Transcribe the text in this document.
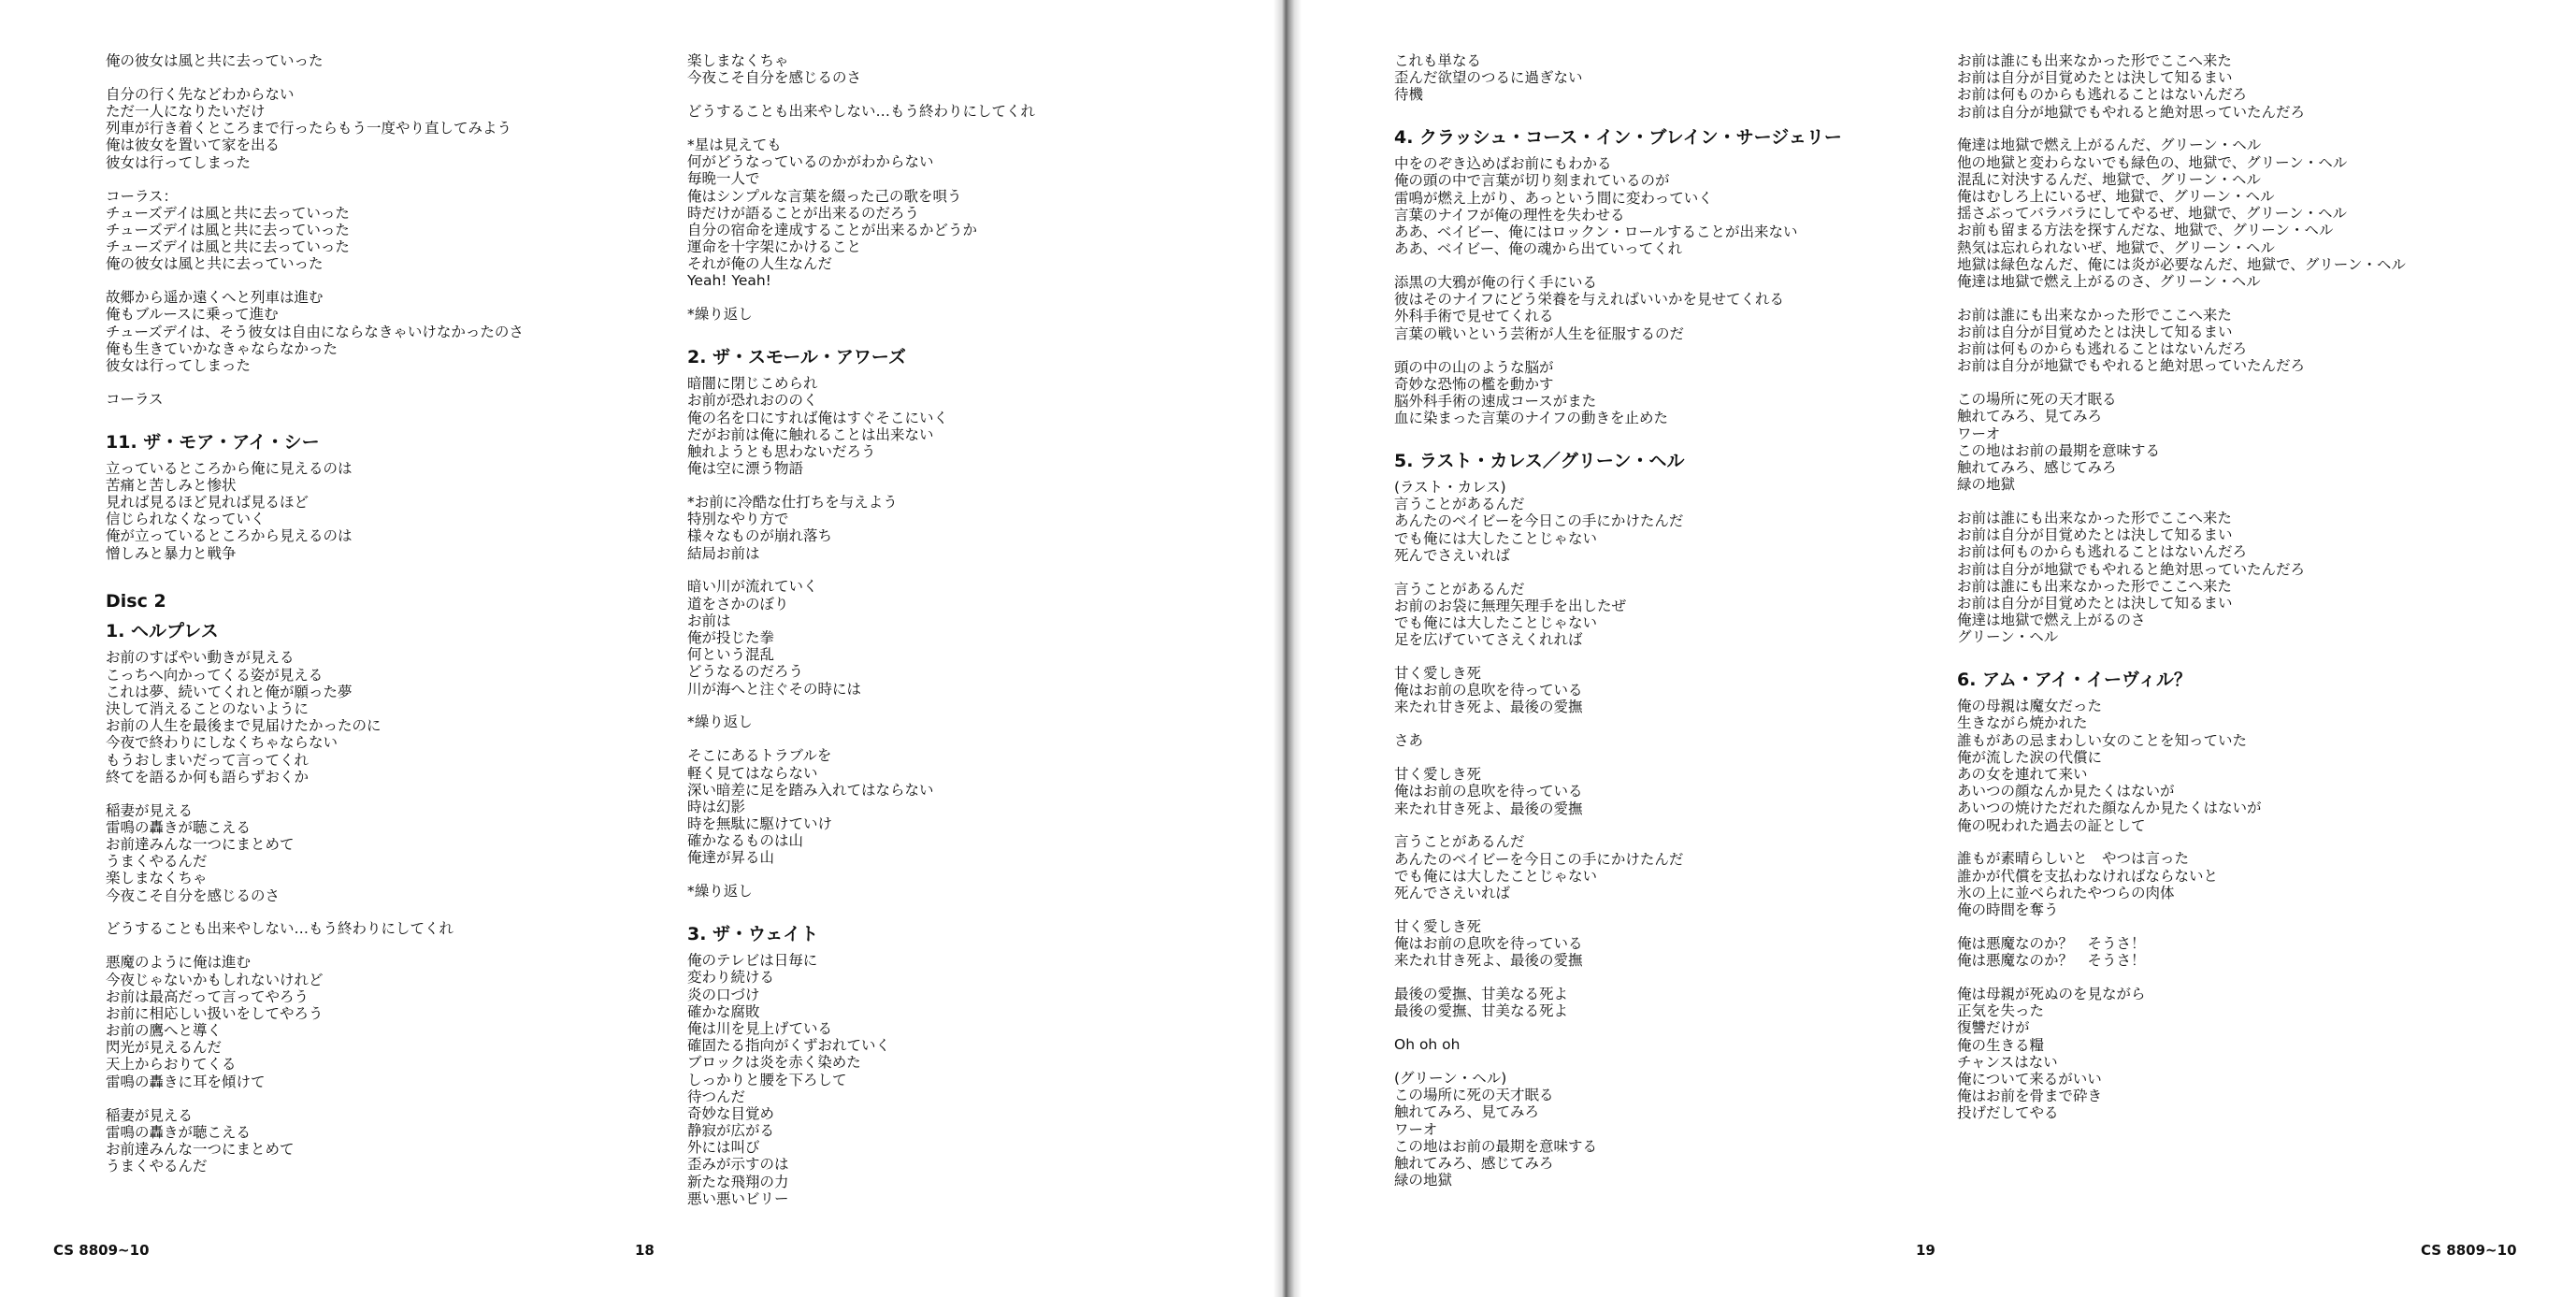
俺の彼女は風と共に去っていった
自分の行く先などわからない
ただ一人になりたいだけ
列車が行き着くところまで行ったらもう一度やり直してみよう
俺は彼女を置いて家を出る
彼女は行ってしまった
コーラス：
チューズデイは風と共に去っていった
チューズデイは風と共に去っていった
チューズデイは風と共に去っていった
俺の彼女は風と共に去っていった
故郷から遥か遠くへと列車は進む
俺もブルースに乗って進む
チューズデイは、そう彼女は自由にならなきゃいけなかったのさ
俺も生きていかなきゃならなかった
彼女は行ってしまった
コーラス
11. ザ・モア・アイ・シー
立っているところから俺に見えるのは
苦痛と苦しみと惨状
見れば見るほど見れば見るほど
信じられなくなっていく
俺が立っているところから見えるのは
憎しみと暴力と戦争
Disc 2
1. ヘルプレス
お前のすばやい動きが見える
こっちへ向かってくる姿が見える
これは夢、続いてくれと俺が願った夢
決して消えることのないように
お前の人生を最後まで見届けたかったのに
今夜で終わりにしなくちゃならない
もうおしまいだって言ってくれ
終てを語るか何も語らずおくか
稲妻が見える
雷鳴の轟きが聴こえる
お前達みんな一つにまとめて
うまくやるんだ
楽しまなくちゃ
今夜こそ自分を感じるのさ
どうすることも出来やしない…もう終わりにしてくれ
悪魔のように俺は進む
今夜じゃないかもしれないけれど
お前は最高だって言ってやろう
お前に相応しい扱いをしてやろう
お前の鷹へと導く
閃光が見えるんだ
天上からおりてくる
雷鳴の轟きに耳を傾けて
稲妻が見える
雷鳴の轟きが聴こえる
お前達みんな一つにまとめて
うまくやるんだ
楽しまなくちゃ
今夜こそ自分を感じるのさ
どうすることも出来やしない…もう終わりにしてくれ
*星は見えても
何がどうなっているのかがわからない
毎晩一人で
俺はシンプルな言葉を綴った己の歌を唄う
時だけが語ることが出来るのだろう
自分の宿命を達成することが出来るかどうか
運命を十字架にかけること
それが俺の人生なんだ
Yeah! Yeah!
*繰り返し
2. ザ・スモール・アワーズ
暗闇に閉じこめられ
お前が恐れおののく
俺の名を口にすれば俺はすぐそこにいく
だがお前は俺に触れることは出来ない
触れようとも思わないだろう
俺は空に漂う物語
*お前に冷酷な仕打ちを与えよう
特別なやり方で
様々なものが崩れ落ち
結局お前は
暗い川が流れていく
道をさかのぼり
お前は
俺が投じた拳
何という混乱
どうなるのだろう
川が海へと注ぐその時には
*繰り返し
そこにあるトラブルを
軽く見てはならない
深い暗差に足を踏み入れてはならない
時は幻影
時を無駄に駆けていけ
確かなるものは山
俺達が昇る山
*繰り返し
3. ザ・ウェイト
俺のテレビは日毎に
変わり続ける
炎の口づけ
確かな腐敗
俺は川を見上げている
確固たる指向がくずおれていく
ブロックは炎を赤く染めた
しっかりと腰を下ろして
待つんだ
奇妙な目覚め
静寂が広がる
外には叫び
歪みが示すのは
新たな飛翔の力
悪い悪いビリー
これも単なる
歪んだ欲望のつるに過ぎない
待機
4. クラッシュ・コース・イン・ブレイン・サージェリー
中をのぞき込めばお前にもわかる
俺の頭の中で言葉が切り刻まれているのが
雷鳴が燃え上がり、あっという間に変わっていく
言葉のナイフが俺の理性を失わせる
ああ、ベイビー、俺にはロックン・ロールすることが出来ない
ああ、ベイビー、俺の魂から出ていってくれ
添黒の大鴉が俺の行く手にいる
彼はそのナイフにどう栄養を与えればいいかを見せてくれる
外科手術で見せてくれる
言葉の戦いという芸術が人生を征服するのだ
頭の中の山のような脳が
奇妙な恐怖の檻を動かす
脳外科手術の速成コースがまた
血に染まった言葉のナイフの動きを止めた
5. ラスト・カレス／グリーン・ヘル
(ラスト・カレス)
言うことがあるんだ
あんたのベイビーを今日この手にかけたんだ
でも俺には大したことじゃない
死んでさえいれば
言うことがあるんだ
お前のお袋に無理矢理手を出したぜ
でも俺には大したことじゃない
足を広げていてさえくれれば
甘く愛しき死
俺はお前の息吹を待っている
来たれ甘き死よ、最後の愛撫
さあ
甘く愛しき死
俺はお前の息吹を待っている
来たれ甘き死よ、最後の愛撫
言うことがあるんだ
あんたのベイビーを今日この手にかけたんだ
でも俺には大したことじゃない
死んでさえいれば
甘く愛しき死
俺はお前の息吹を待っている
来たれ甘き死よ、最後の愛撫
最後の愛撫、甘美なる死よ
最後の愛撫、甘美なる死よ
Oh oh oh
(グリーン・ヘル)
この場所に死の天才眠る
触れてみろ、見てみろ
ワーオ
この地はお前の最期を意味する
触れてみろ、感じてみろ
緑の地獄
お前は誰にも出来なかった形でここへ来た
お前は自分が目覚めたとは決して知るまい
お前は何ものからも逃れることはないんだろ
お前は自分が地獄でもやれると絶対思っていたんだろ
俺達は地獄で燃え上がるんだ、グリーン・ヘル
他の地獄と変わらないでも緑色の、地獄で、グリーン・ヘル
混乱に対決するんだ、地獄で、グリーン・ヘル
俺はむしろ上にいるぜ、地獄で、グリーン・ヘル
揺さぶってバラバラにしてやるぜ、地獄で、グリーン・ヘル
お前も留まる方法を探すんだな、地獄で、グリーン・ヘル
熱気は忘れられないぜ、地獄で、グリーン・ヘル
地獄は緑色なんだ、俺には炎が必要なんだ、地獄で、グリーン・ヘル
俺達は地獄で燃え上がるのさ、グリーン・ヘル
お前は誰にも出来なかった形でここへ来た
お前は自分が目覚めたとは決して知るまい
お前は何ものからも逃れることはないんだろ
お前は自分が地獄でもやれると絶対思っていたんだろ
この場所に死の天才眠る
触れてみろ、見てみろ
ワーオ
この地はお前の最期を意味する
触れてみろ、感じてみろ
緑の地獄
お前は誰にも出来なかった形でここへ来た
お前は自分が目覚めたとは決して知るまい
お前は何ものからも逃れることはないんだろ
お前は自分が地獄でもやれると絶対思っていたんだろ
お前は誰にも出来なかった形でここへ来た
お前は自分が目覚めたとは決して知るまい
俺達は地獄で燃え上がるのさ
グリーン・ヘル
6. アム・アイ・イーヴィル？
俺の母親は魔女だった
生きながら焼かれた
誰もがあの忌まわしい女のことを知っていた
俺が流した涙の代償に
あの女を連れて来い
あいつの顔なんか見たくはないが
あいつの焼けただれた顔なんか見たくはないが
俺の呪われた過去の証として
誰もが素晴らしいと　やつは言った
誰かが代償を支払わなければならないと
氷の上に並べられたやつらの肉体
俺の時間を奪う
俺は悪魔なのか？　そうさ！
俺は悪魔なのか？　そうさ！
俺は母親が死ぬのを見ながら
正気を失った
復讐だけが
俺の生きる糧
チャンスはない
俺について来るがいい
俺はお前を骨まで砕き
投げだしてやる
CS 8809~10	18	19	CS 8809~10
